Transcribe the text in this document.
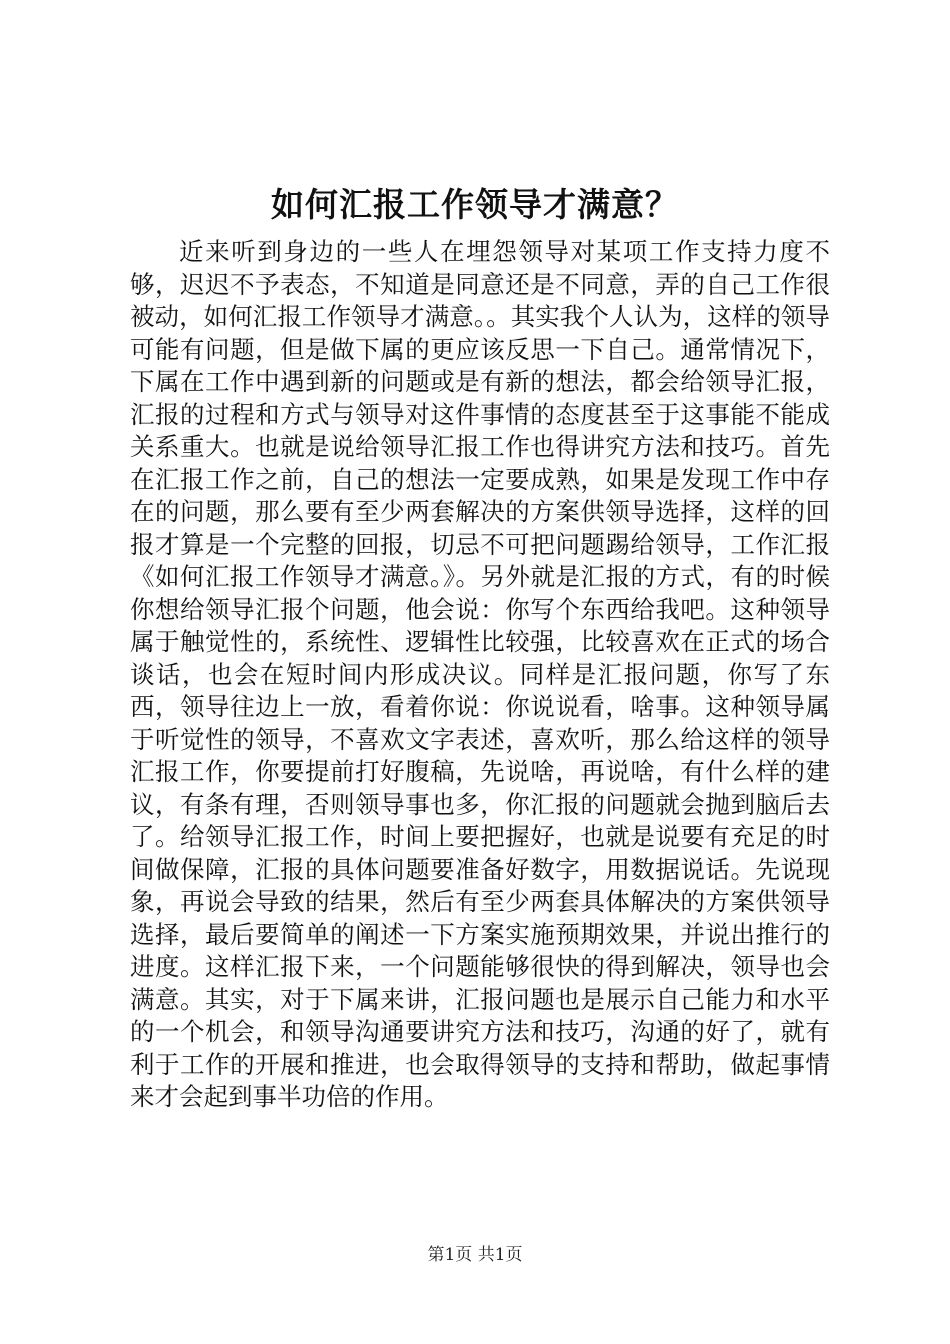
如何汇报工作领导才满意？

近来听到身边的一些人在埋怨领导对某项工作支持力度不够，迟迟不予表态，不知道是同意还是不同意，弄的自己工作很被动，如何汇报工作领导才满意。。其实我个人认为，这样的领导可能有问题，但是做下属的更应该反思一下自己。通常情况下，下属在工作中遇到新的问题或是有新的想法，都会给领导汇报，汇报的过程和方式与领导对这件事情的态度甚至于这事能不能成关系重大。也就是说给领导汇报工作也得讲究方法和技巧。首先在汇报工作之前，自己的想法一定要成熟，如果是发现工作中存在的问题，那么要有至少两套解决的方案供领导选择，这样的回报才算是一个完整的回报，切忌不可把问题踢给领导，工作汇报《如何汇报工作领导才满意。》。另外就是汇报的方式，有的时候你想给领导汇报个问题，他会说：你写个东西给我吧。这种领导属于触觉性的，系统性、逻辑性比较强，比较喜欢在正式的场合谈话，也会在短时间内形成决议。同样是汇报问题，你写了东西，领导往边上一放，看着你说：你说说看，啥事。这种领导属于听觉性的领导，不喜欢文字表述，喜欢听，那么给这样的领导汇报工作，你要提前打好腹稿，先说啥，再说啥，有什么样的建议，有条有理，否则领导事也多，你汇报的问题就会抛到脑后去了。给领导汇报工作，时间上要把握好，也就是说要有充足的时间做保障，汇报的具体问题要准备好数字，用数据说话。先说现象，再说会导致的结果，然后有至少两套具体解决的方案供领导选择，最后要简单的阐述一下方案实施预期效果，并说出推行的进度。这样汇报下来，一个问题能够很快的得到解决，领导也会满意。其实，对于下属来讲，汇报问题也是展示自己能力和水平的一个机会，和领导沟通要讲究方法和技巧，沟通的好了，就有利于工作的开展和推进，也会取得领导的支持和帮助，做起事情来才会起到事半功倍的作用。

第1页 共1页
